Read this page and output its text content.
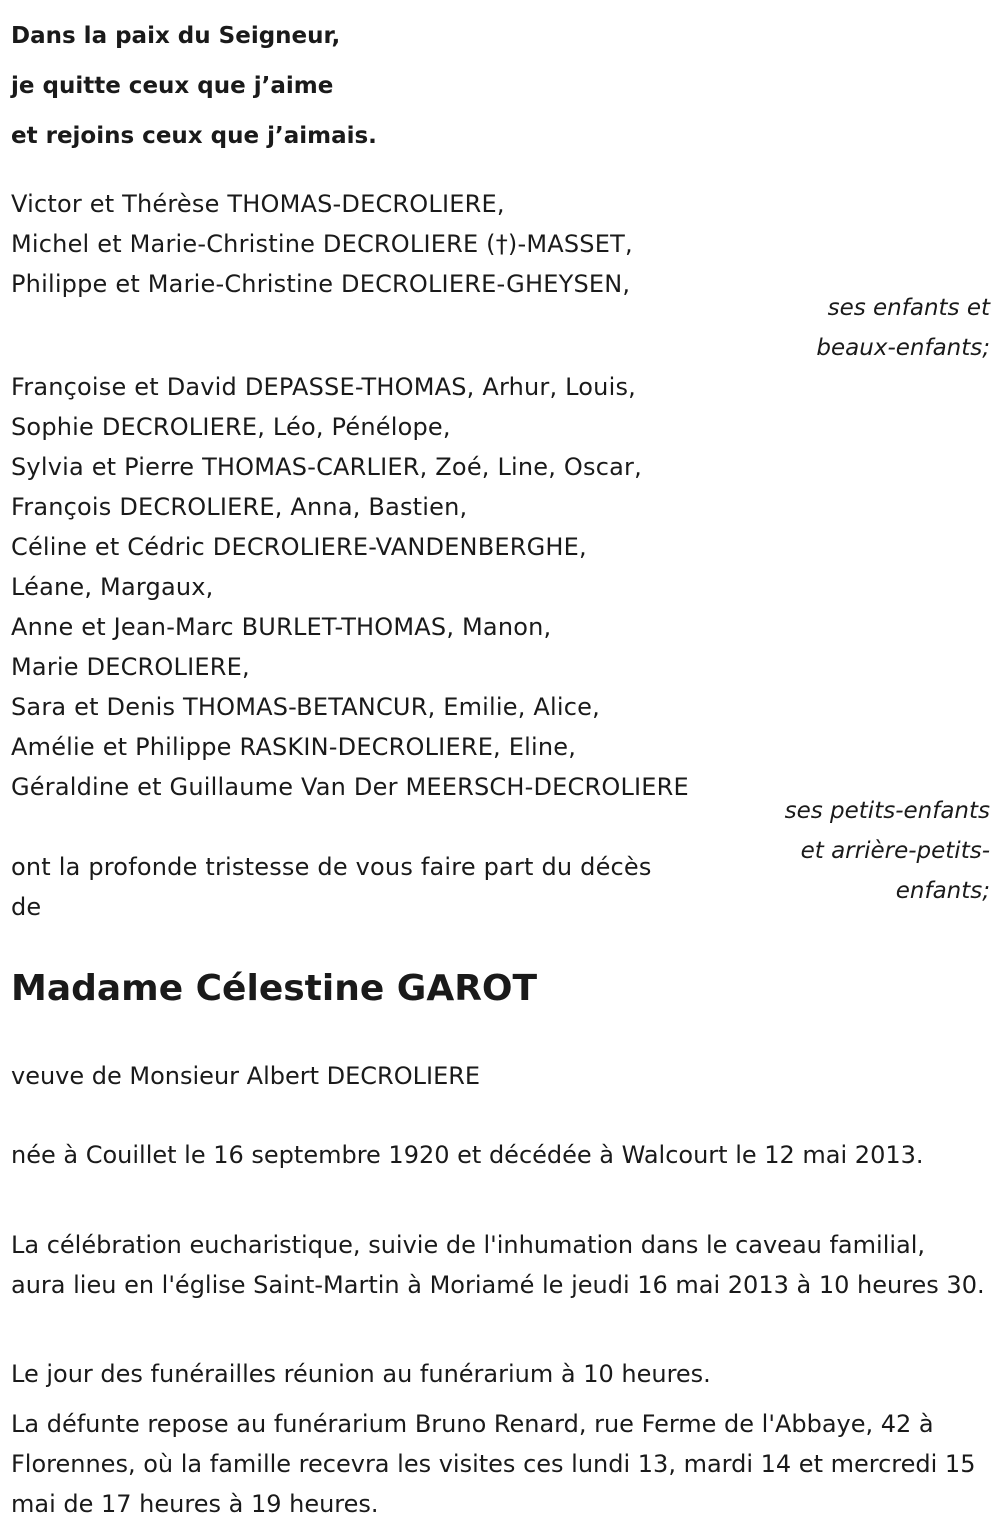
Dans la paix du Seigneur,
je quitte ceux que j’aime
et rejoins ceux que j’aimais.
Victor et Thérèse THOMAS-DECROLIERE,
Michel et Marie-Christine DECROLIERE (†)-MASSET,
Philippe et Marie-Christine DECROLIERE-GHEYSEN,
ses enfants et
beaux-enfants;
Françoise et David DEPASSE-THOMAS, Arhur, Louis,
Sophie DECROLIERE, Léo, Pénélope,
Sylvia et Pierre THOMAS-CARLIER, Zoé, Line, Oscar,
François DECROLIERE, Anna, Bastien,
Céline et Cédric DECROLIERE-VANDENBERGHE,
Léane, Margaux,
Anne et Jean-Marc BURLET-THOMAS, Manon,
Marie DECROLIERE,
Sara et Denis THOMAS-BETANCUR, Emilie, Alice,
Amélie et Philippe RASKIN-DECROLIERE, Eline,
Géraldine et Guillaume Van Der MEERSCH-DECROLIERE
ses petits-enfants
et arrière-petits-
enfants;
ont la profonde tristesse de vous faire part du décès
de
Madame Célestine GAROT
veuve de Monsieur Albert DECROLIERE
née à Couillet le 16 septembre 1920 et décédée à Walcourt le 12 mai 2013.
La célébration eucharistique, suivie de l'inhumation dans le caveau familial, aura lieu en l'église Saint-Martin à Moriamé le jeudi 16 mai 2013 à 10 heures 30.
Le jour des funérailles réunion au funérarium à 10 heures.
La défunte repose au funérarium Bruno Renard, rue Ferme de l'Abbaye, 42 à Florennes, où la famille recevra les visites ces lundi 13, mardi 14 et mercredi 15 mai de 17 heures à 19 heures.
